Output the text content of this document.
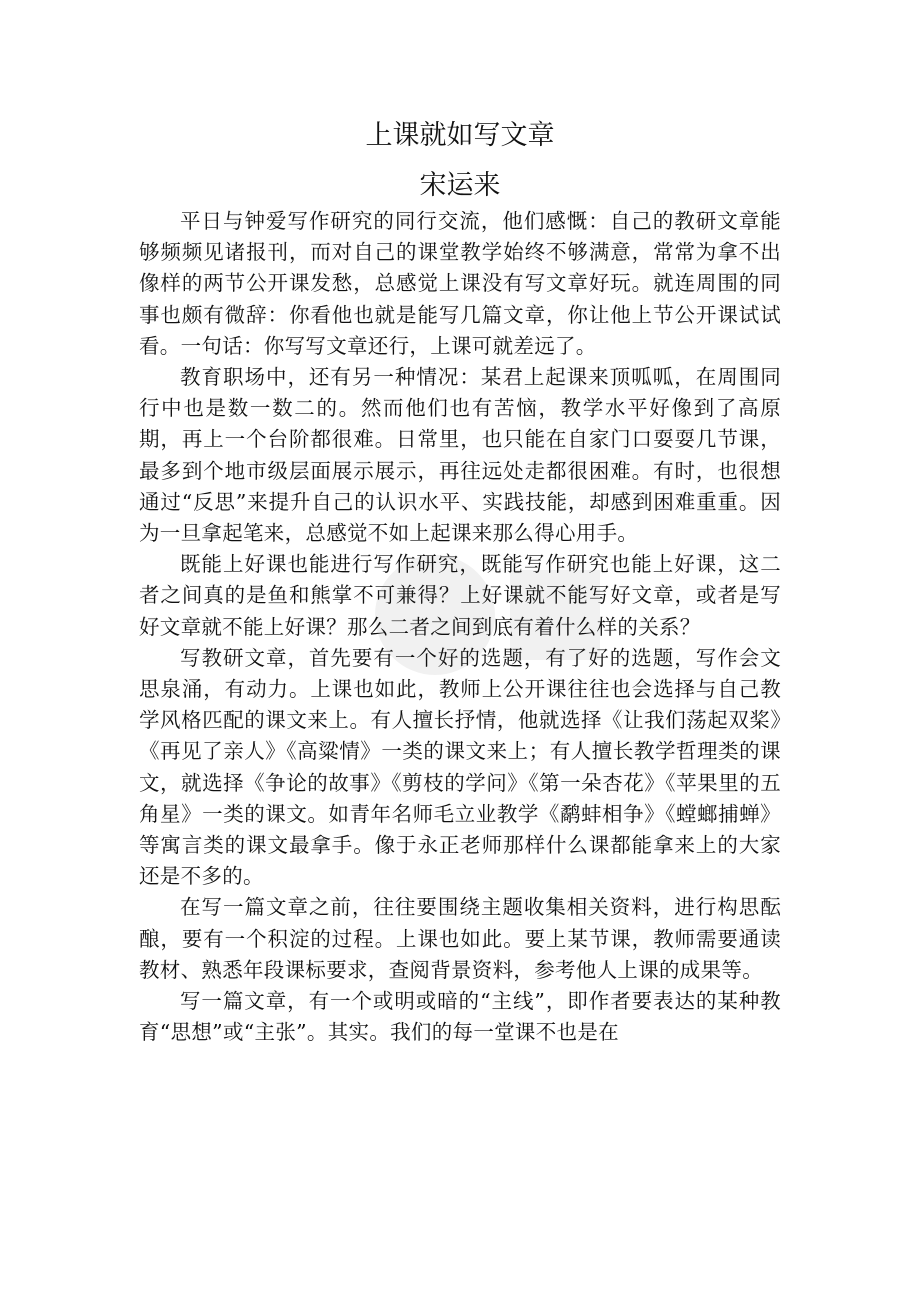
上课就如写文章
宋运来

平日与钟爱写作研究的同行交流，他们感慨：自己的教研文章能够频频见诸报刊，而对自己的课堂教学始终不够满意，常常为拿不出像样的两节公开课发愁，总感觉上课没有写文章好玩。就连周围的同事也颇有微辞：你看他也就是能写几篇文章，你让他上节公开课试试看。一句话：你写写文章还行，上课可就差远了。

教育职场中，还有另一种情况：某君上起课来顶呱呱，在周围同行中也是数一数二的。然而他们也有苦恼，教学水平好像到了高原期，再上一个台阶都很难。日常里，也只能在自家门口耍耍几节课，最多到个地市级层面展示展示，再往远处走都很困难。有时，也很想通过“反思”来提升自己的认识水平、实践技能，却感到困难重重。因为一旦拿起笔来，总感觉不如上起课来那么得心用手。

既能上好课也能进行写作研究，既能写作研究也能上好课，这二者之间真的是鱼和熊掌不可兼得？上好课就不能写好文章，或者是写好文章就不能上好课？那么二者之间到底有着什么样的关系？

写教研文章，首先要有一个好的选题，有了好的选题，写作会文思泉涌，有动力。上课也如此，教师上公开课往往也会选择与自己教学风格匹配的课文来上。有人擅长抒情，他就选择《让我们荡起双桨》《再见了亲人》《高粱情》一类的课文来上；有人擅长教学哲理类的课文，就选择《争论的故事》《剪枝的学问》《第一朵杏花》《苹果里的五角星》一类的课文。如青年名师毛立业教学《鹬蚌相争》《螳螂捕蝉》等寓言类的课文最拿手。像于永正老师那样什么课都能拿来上的大家还是不多的。

在写一篇文章之前，往往要围绕主题收集相关资料，进行构思酝酿，要有一个积淀的过程。上课也如此。要上某节课，教师需要通读教材、熟悉年段课标要求，查阅背景资料，参考他人上课的成果等。

写一篇文章，有一个或明或暗的“主线”，即作者要表达的某种教育“思想”或“主张”。其实。我们的每一堂课不也是在
